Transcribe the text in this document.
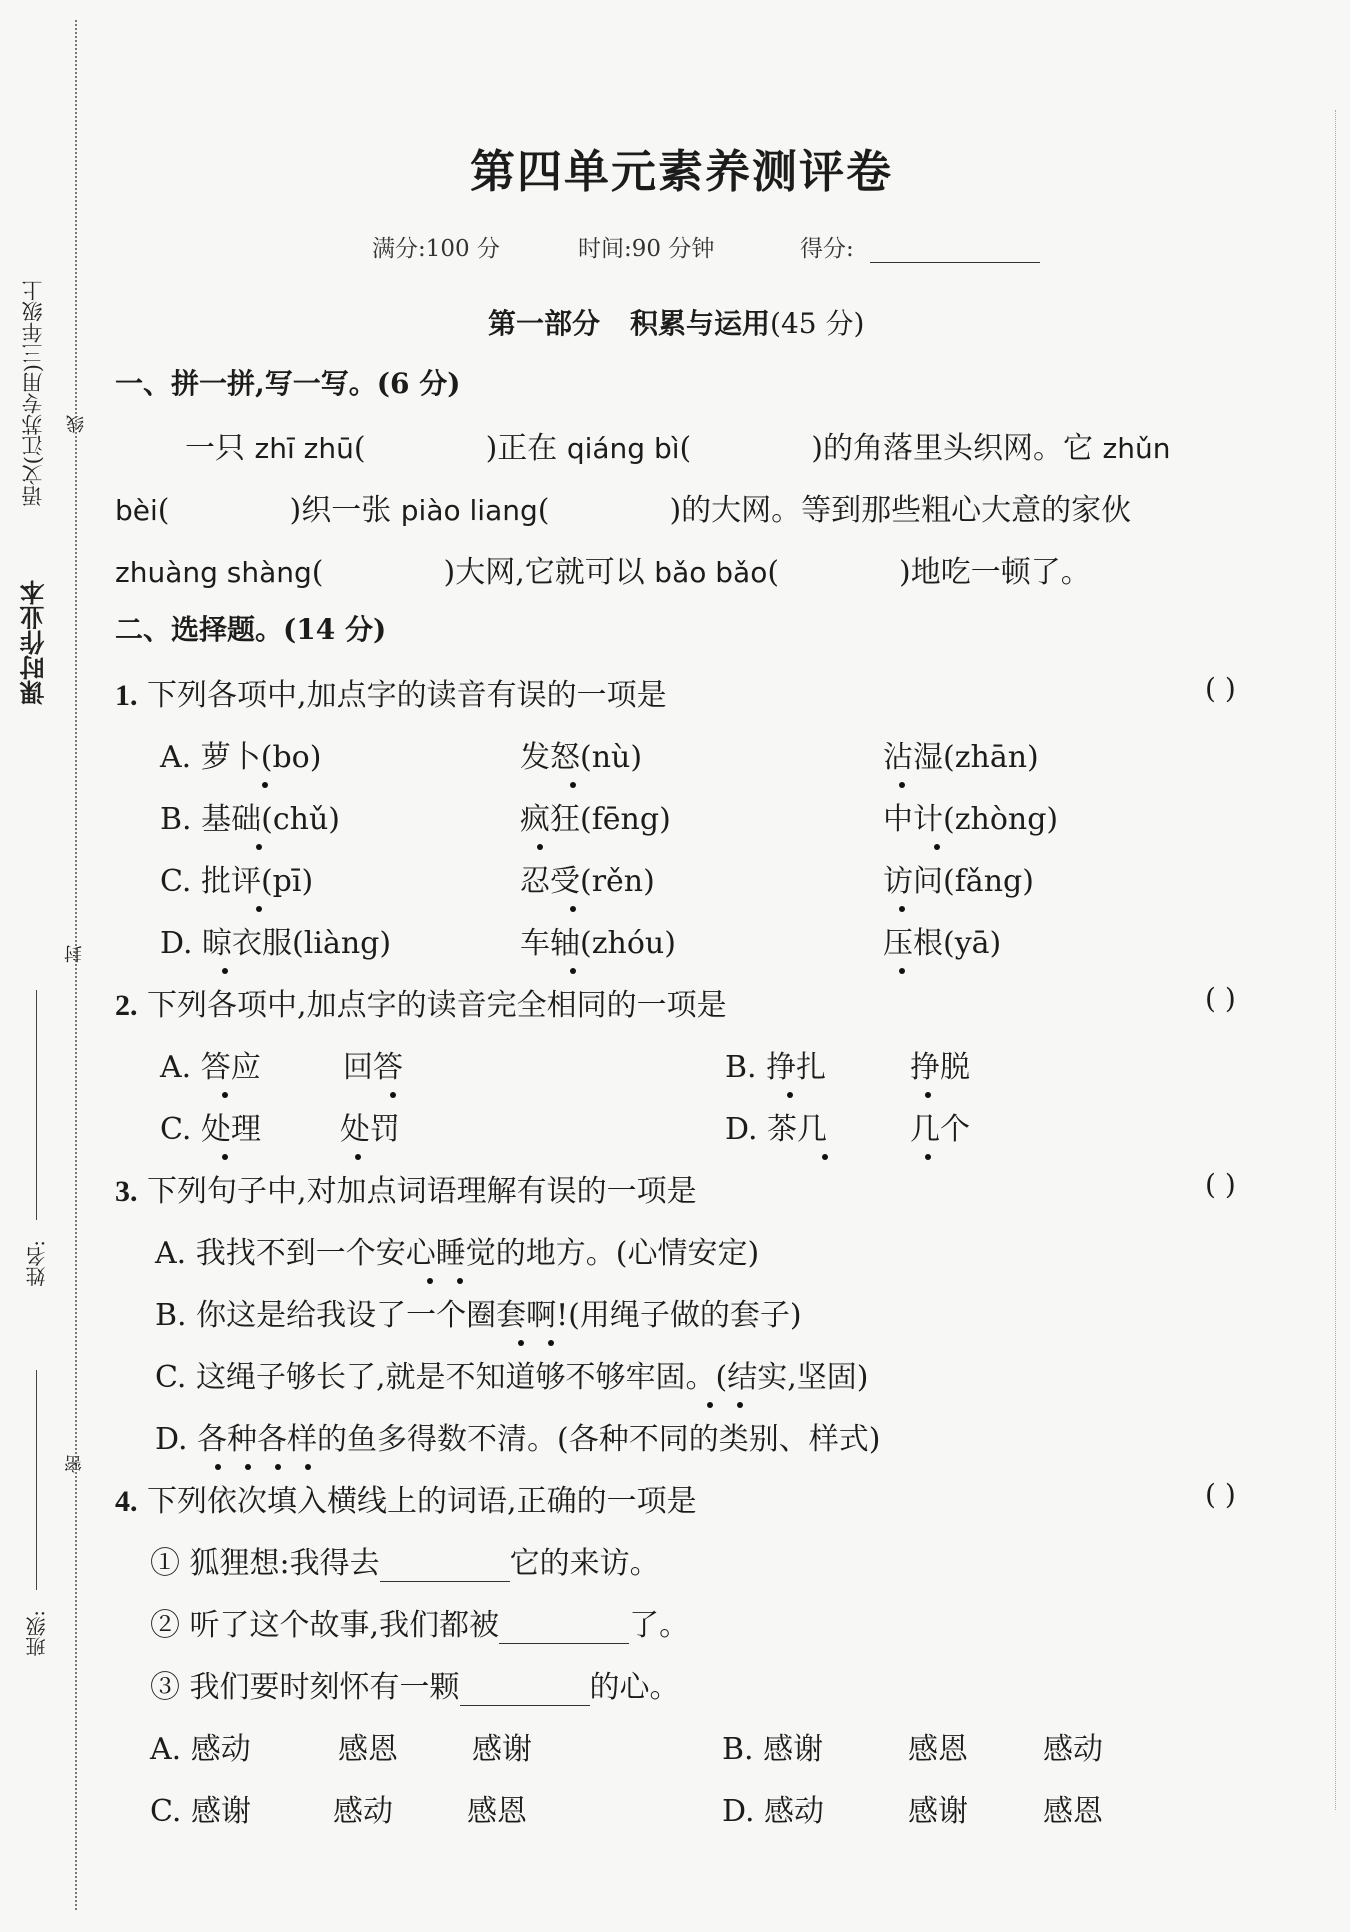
课时作业本
语文(江苏专用)三年级上 线
封
姓名:
密
班级:
第四单元素养测评卷
满分:100 分	时间:90 分钟	得分:
第一部分 积累与运用(45 分)
一、拼一拼,写一写。(6 分)
一只 zhī zhū(	)正在 qiáng bì(	)的角落里头织网。它 zhǔn
bèi(	)织一张 piào liang(	)的大网。等到那些粗心大意的家伙
zhuàng shàng(	)大网,它就可以 bǎo bǎo(	)地吃一顿了。
二、选择题。(14 分)
1. 下列各项中,加点字的读音有误的一项是	( )
A. 萝卜(bo)	发怒(nù)	沾湿(zhān)
B. 基础(chǔ)	疯狂(fēng)	中计(zhòng)
C. 批评(pī)	忍受(rěn)	访问(fǎng)
D. 晾衣服(liàng)	车轴(zhóu)	压根(yā)
2. 下列各项中,加点字的读音完全相同的一项是	( )
A. 答应	回答	B. 挣扎	挣脱
C. 处理	处罚	D. 茶几	几个
3. 下列句子中,对加点词语理解有误的一项是	( )
A. 我找不到一个安心睡觉的地方。(心情安定)
B. 你这是给我设了一个圈套啊!(用绳子做的套子)
C. 这绳子够长了,就是不知道够不够牢固。(结实,坚固)
D. 各种各样的鱼多得数不清。(各种不同的类别、样式)
4. 下列依次填入横线上的词语,正确的一项是	( )
① 狐狸想:我得去	它的来访。
② 听了这个故事,我们都被	了。
③ 我们要时刻怀有一颗	的心。
A. 感动	感恩 感谢	B. 感谢	感恩	感动
C. 感谢	感动 感恩	D. 感动	感谢	感恩
